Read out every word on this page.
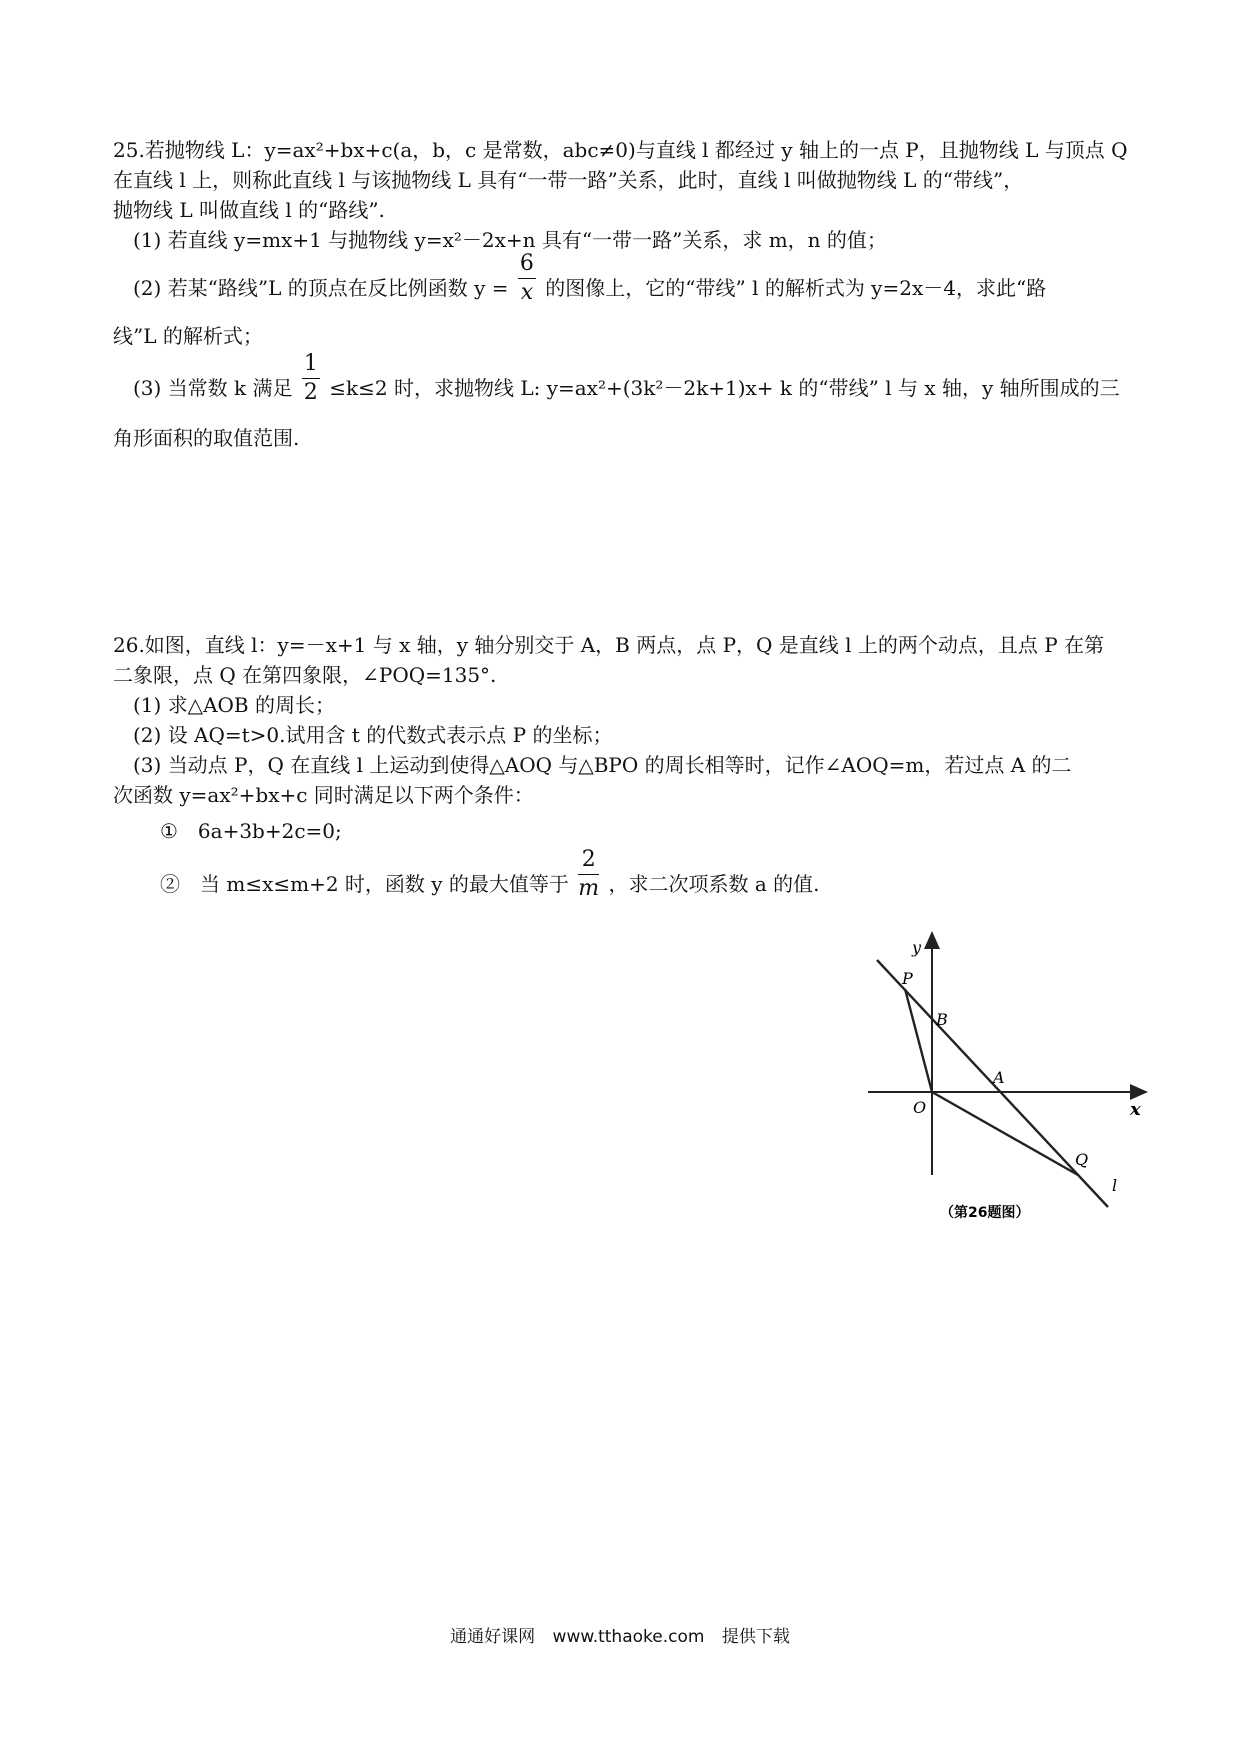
25.若抛物线 L：y=ax²+bx+c(a，b，c 是常数，abc≠0)与直线 l 都经过 y 轴上的一点 P，且抛物线 L 与顶点 Q
在直线 l 上，则称此直线 l 与该抛物线 L 具有“一带一路”关系，此时，直线 l 叫做抛物线 L 的“带线”，
抛物线 L 叫做直线 l 的“路线”.
(1) 若直线 y=mx+1 与抛物线 y=x²－2x+n 具有“一带一路”关系，求 m，n 的值；
(2) 若某“路线”L 的顶点在反比例函数 $y = \frac{6}{x}$ 的图像上，它的“带线” l 的解析式为 y=2x－4，求此“路
线”L 的解析式；
(3) 当常数 k 满足 $\frac{1}{2} \le k\le 2$ 时，求抛物线 L: y=ax²+(3k²－2k+1)x+ k 的“带线” l 与 x 轴，y 轴所围成的三
角形面积的取值范围.
26.如图，直线 l：y=－x+1 与 x 轴，y 轴分别交于 A，B 两点，点 P，Q 是直线 l 上的两个动点，且点 P 在第
二象限，点 Q 在第四象限，∠POQ=135°.
(1) 求△AOB 的周长；
(2) 设 AQ=t>0.试用含 t 的代数式表示点 P 的坐标；
(3) 当动点 P，Q 在直线 l 上运动到使得△AOQ 与△BPO 的周长相等时，记作∠AOQ=m，若过点 A 的二
次函数 y=ax²+bx+c 同时满足以下两个条件：
①　6a+3b+2c=0;
②　当 m≤x≤m+2 时，函数 y 的最大值等于 $\frac{2}{m}$ ，求二次项系数 a 的值.
y
x
P
B
A
O
Q
l
（第26题图）
通通好课网 www.tthaoke.com 提供下载
